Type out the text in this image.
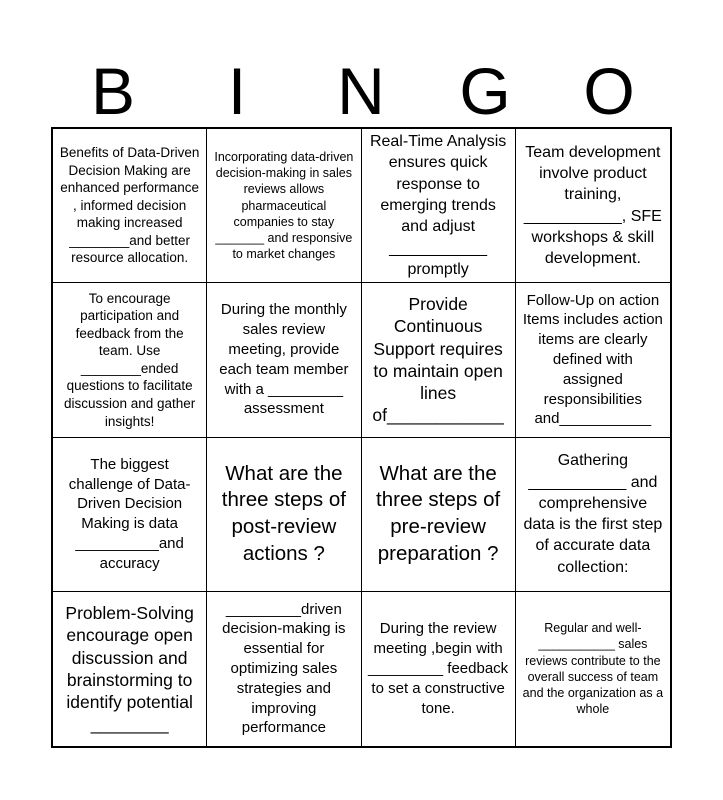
B	I	N	G	O
Benefits of Data-Driven Decision Making are enhanced performance , informed decision making increased ________and better resource allocation.
Incorporating data-driven decision-making in sales reviews allows pharmaceutical companies to stay _______ and responsive to market changes
Real-Time Analysis ensures quick response to emerging trends and adjust ___________ promptly
Team development involve product training, ___________, SFE workshops & skill development.
To encourage participation and feedback from the team. Use ________ended questions to facilitate discussion and gather insights!
During the monthly sales review meeting, provide each team member with a _________ assessment
Provide Continuous Support requires to maintain open lines of____________
Follow-Up on action Items includes action items are clearly defined with assigned responsibilities and___________
The biggest challenge of Data-Driven Decision Making is data __________and accuracy
What are the three steps of post-review actions ?
What are the three steps of pre-review preparation ?
Gathering ___________ and comprehensive data is the first step of accurate data collection:
Problem-Solving encourage open discussion and brainstorming to identify potential ________
_________driven decision-making is essential for optimizing sales strategies and improving performance
During the review meeting ,begin with _________ feedback to set a constructive tone.
Regular and well-___________ sales reviews contribute to the overall success of team and the organization as a whole
